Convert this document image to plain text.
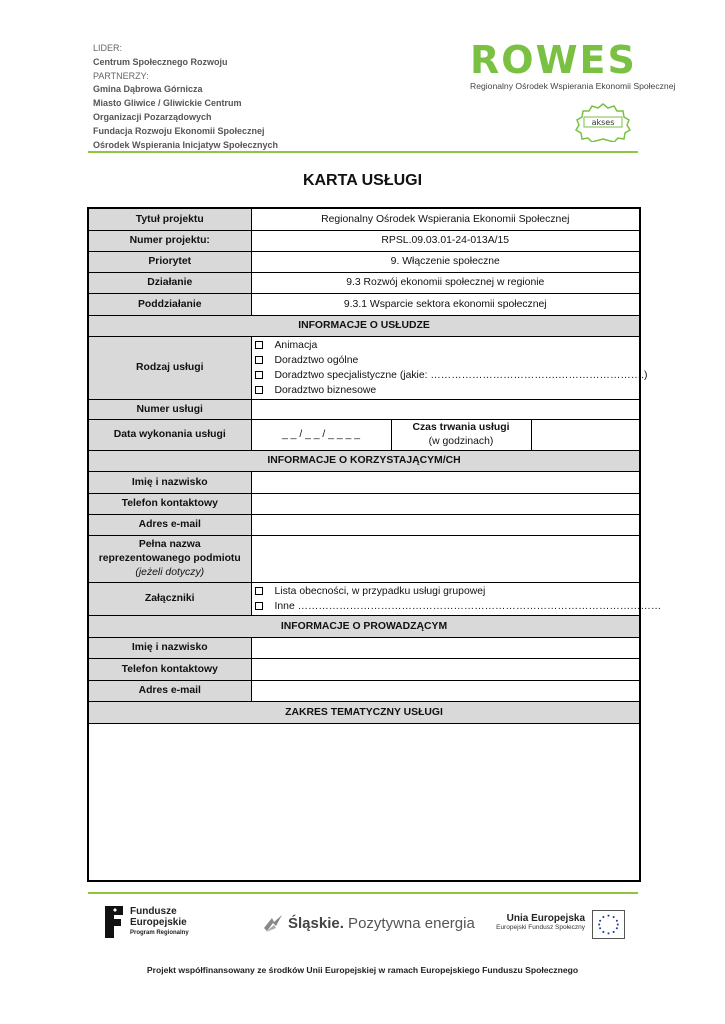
LIDER:
Centrum Społecznego Rozwoju
PARTNERZY:
Gmina Dąbrowa Górnicza
Miasto Gliwice / Gliwickie Centrum
Organizacji Pozarządowych
Fundacja Rozwoju Ekonomii Społecznej
Ośrodek Wspierania Inicjatyw Społecznych
ROWES
Regionalny Ośrodek Wspierania Ekonomii Społecznej
akses
KARTA USŁUGI
Tytuł projektu	Regionalny Ośrodek Wspierania Ekonomii Społecznej		
Numer projektu:	RPSL.09.03.01-24-013A/15		
Priorytet	9. Włączenie społeczne		
Działanie	9.3 Rozwój ekonomii społecznej w regionie		
Poddziałanie	9.3.1 Wsparcie sektora ekonomii społecznej		
INFORMACJE O USŁUDZE			
Rodzaj usługi	Animacja
Doradztwo ogólne
Doradztwo specjalistyczne (jakie: ……………………………….…………………….)
Doradztwo biznesowe		

Numer usługi			
Data wykonania usługi	_ _ / _ _ / _ _ _ _	Czas trwania usługi
(w godzinach)	

INFORMACJE O KORZYSTAJĄCYM/CH			
Imię i nazwisko			
Telefon kontaktowy			
Adres e-mail			

Pełna nazwa
reprezentowanego podmiotu
(jeżeli dotyczy)			

Załączniki	Lista obecności, w przypadku usługi grupowej
Inne ……………………………………………………………………………………………		

INFORMACJE O PROWADZĄCYM			
Imię i nazwisko			
Telefon kontaktowy			
Adres e-mail			
ZAKRES TEMATYCZNY USŁUGI			

Fundusze
Europejskie
Program Regionalny
Śląskie. Pozytywna energia	Unia Europejska
Europejski Fundusz Społeczny
Projekt współfinansowany ze środków Unii Europejskiej w ramach Europejskiego Funduszu Społecznego
